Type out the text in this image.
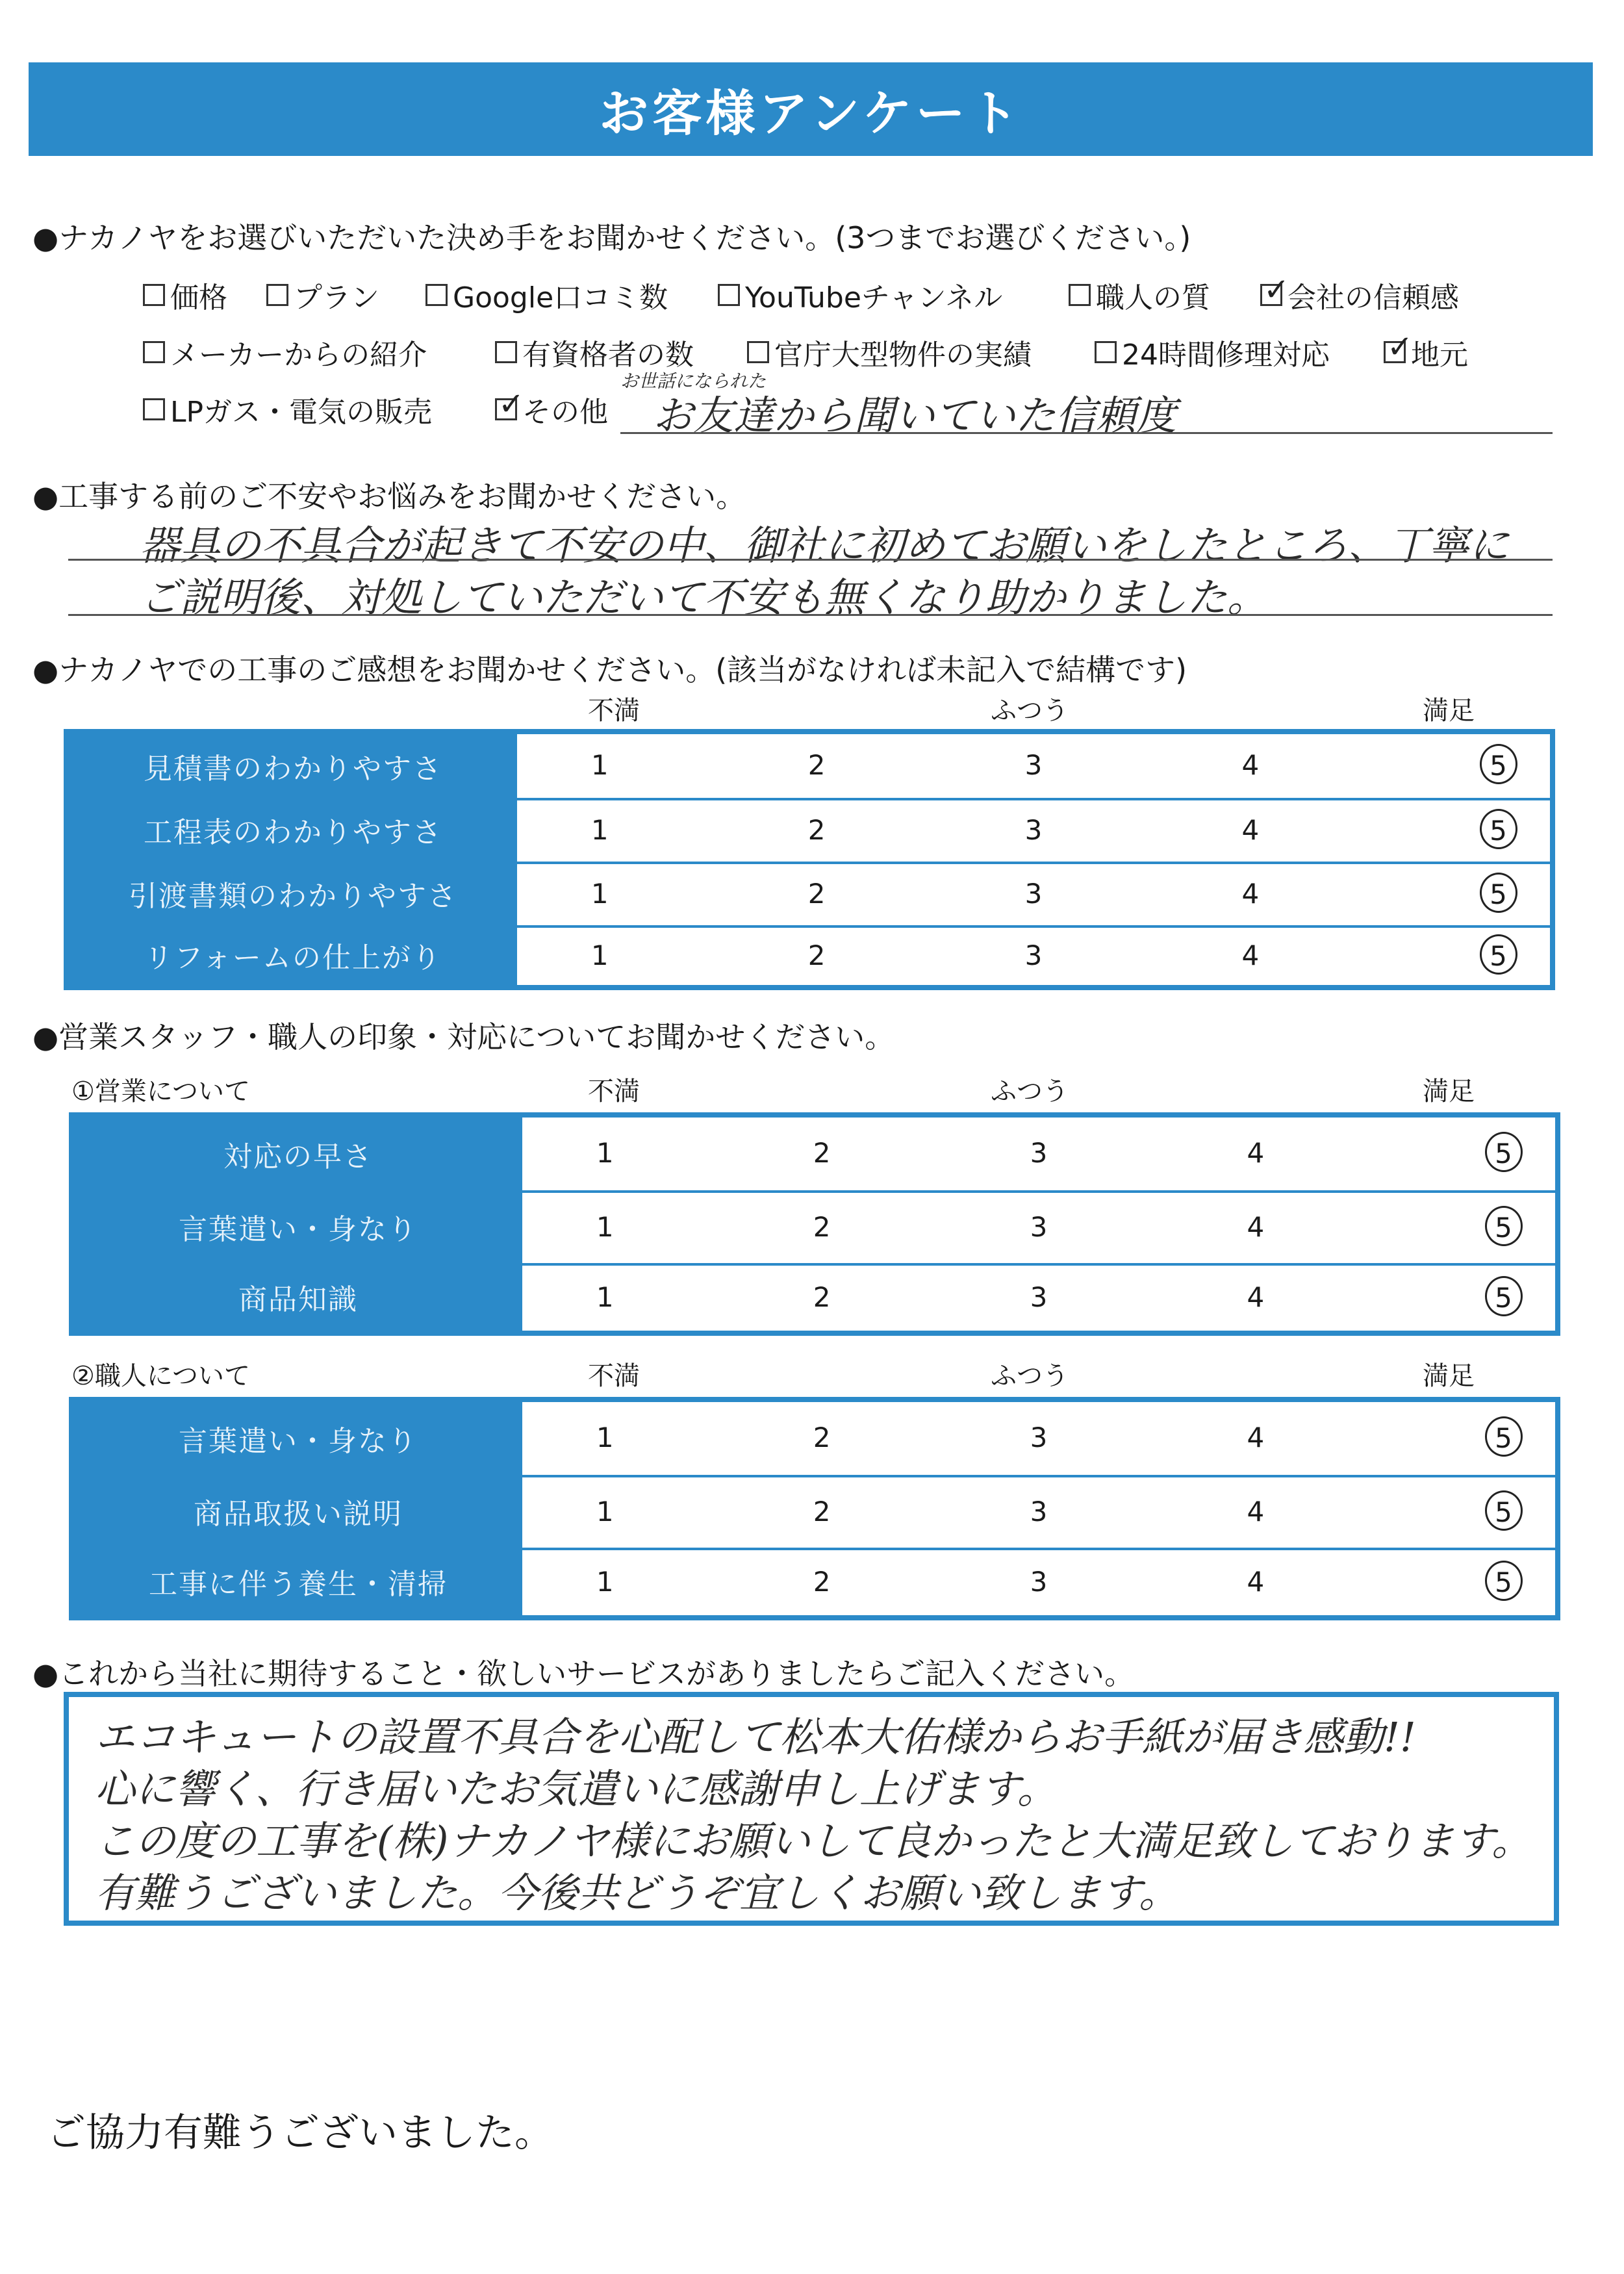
お客様アンケート
●ナカノヤをお選びいただいた決め手をお聞かせください。(3つまでお選びください。)
価格 プラン	Google口コミ数	YouTubeチャンネル	職人の質 ✓	会社の信頼感
メーカーからの紹介	有資格者の数	官庁大型物件の実績	24時間修理対応 ✓	地元
LPガス・電気の販売 ✓	その他
お世話になられた
お友達から聞いていた信頼度
●工事する前のご不安やお悩みをお聞かせください。
器具の不具合が起きて不安の中、御社に初めてお願いをしたところ、丁寧に
ご説明後、対処していただいて不安も無くなり助かりました。
●ナカノヤでの工事のご感想をお聞かせください。(該当がなければ未記入で結構です)
不満	ふつう	満足
見積書のわかりやすさ	1	2	3	4	5
工程表のわかりやすさ	1	2	3	4	5
引渡書類のわかりやすさ	1	2	3	4	5
リフォームの仕上がり	1	2	3	4	5
●営業スタッフ・職人の印象・対応についてお聞かせください。
①営業について	不満	ふつう	満足
対応の早さ	1	2	3	4	5
言葉遣い・身なり	1	2	3	4	5
商品知識	1	2	3	4	5
②職人について	不満	ふつう	満足
言葉遣い・身なり	1	2	3	4	5
商品取扱い説明	1	2	3	4	5
工事に伴う養生・清掃	1	2	3	4	5
●これから当社に期待すること・欲しいサービスがありましたらご記入ください。
エコキュートの設置不具合を心配して松本大佑様からお手紙が届き感動!!
心に響く、行き届いたお気遣いに感謝申し上げます。
この度の工事を(株)ナカノヤ様にお願いして良かったと大満足致しております。
有難うございました。今後共どうぞ宜しくお願い致します。
ご協力有難うございました。
